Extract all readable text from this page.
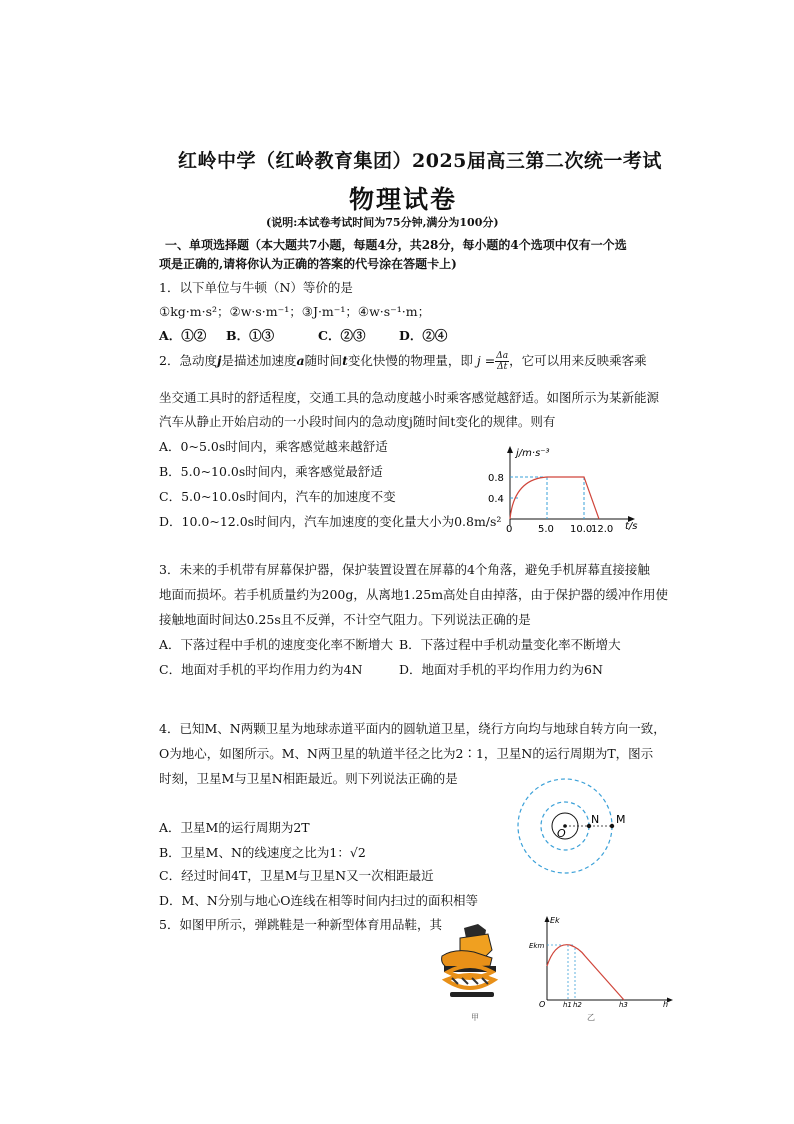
红岭中学（红岭教育集团）2025届高三第二次统一考试
物理试卷
(说明:本试卷考试时间为75分钟,满分为100分)
一、单项选择题（本大题共7小题，每题4分，共28分，每小题的4个选项中仅有一个选
项是正确的,请将你认为正确的答案的代号涂在答题卡上)
1．以下单位与牛顿（N）等价的是
①kg·m·s²；②w·s·m⁻¹；③J·m⁻¹；④w·s⁻¹·m；
A．①② B．①③	C．②③	D．②④
2．急动度j是描述加速度a随时间t变化快慢的物理量，即 $j = \frac{\Delta a}{\Delta t}$ ，它可以用来反映乘客乘
坐交通工具时的舒适程度，交通工具的急动度越小时乘客感觉越舒适。如图所示为某新能源
汽车从静止开始启动的一小段时间内的急动度j随时间t变化的规律。则有
A．0~5.0s时间内，乘客感觉越来越舒适
B．5.0~10.0s时间内，乘客感觉最舒适
C．5.0~10.0s时间内，汽车的加速度不变
D．10.0~12.0s时间内，汽车加速度的变化量大小为0.8m/s²
j/m·s⁻³
0.8
0.4
0	5.0 10.0
12.0 t/s
3．未来的手机带有屏幕保护器，保护装置设置在屏幕的4个角落，避免手机屏幕直接接触
地面而损坏。若手机质量约为200g，从离地1.25m高处自由掉落，由于保护器的缓冲作用使
接触地面时间达0.25s且不反弹，不计空气阻力。下列说法正确的是
A．下落过程中手机的速度变化率不断增大 B．下落过程中手机动量变化率不断增大
C．地面对手机的平均作用力约为4N	D．地面对手机的平均作用力约为6N
4．已知M、N两颗卫星为地球赤道平面内的圆轨道卫星，绕行方向均与地球自转方向一致，
O为地心，如图所示。M、N两卫星的轨道半径之比为2∶1，卫星N的运行周期为T，图示
时刻，卫星M与卫星N相距最近。则下列说法正确的是
A．卫星M的运行周期为2T
B．卫星M、N的线速度之比为1：√2
C．经过时间4T，卫星M与卫星N又一次相距最近
D．M、N分别与地心O连线在相等时间内扫过的面积相等
O
N M
5．如图甲所示，弹跳鞋是一种新型体育用品鞋，其
甲
Ek
Ekm
O	h1 h2	h3	h
乙
